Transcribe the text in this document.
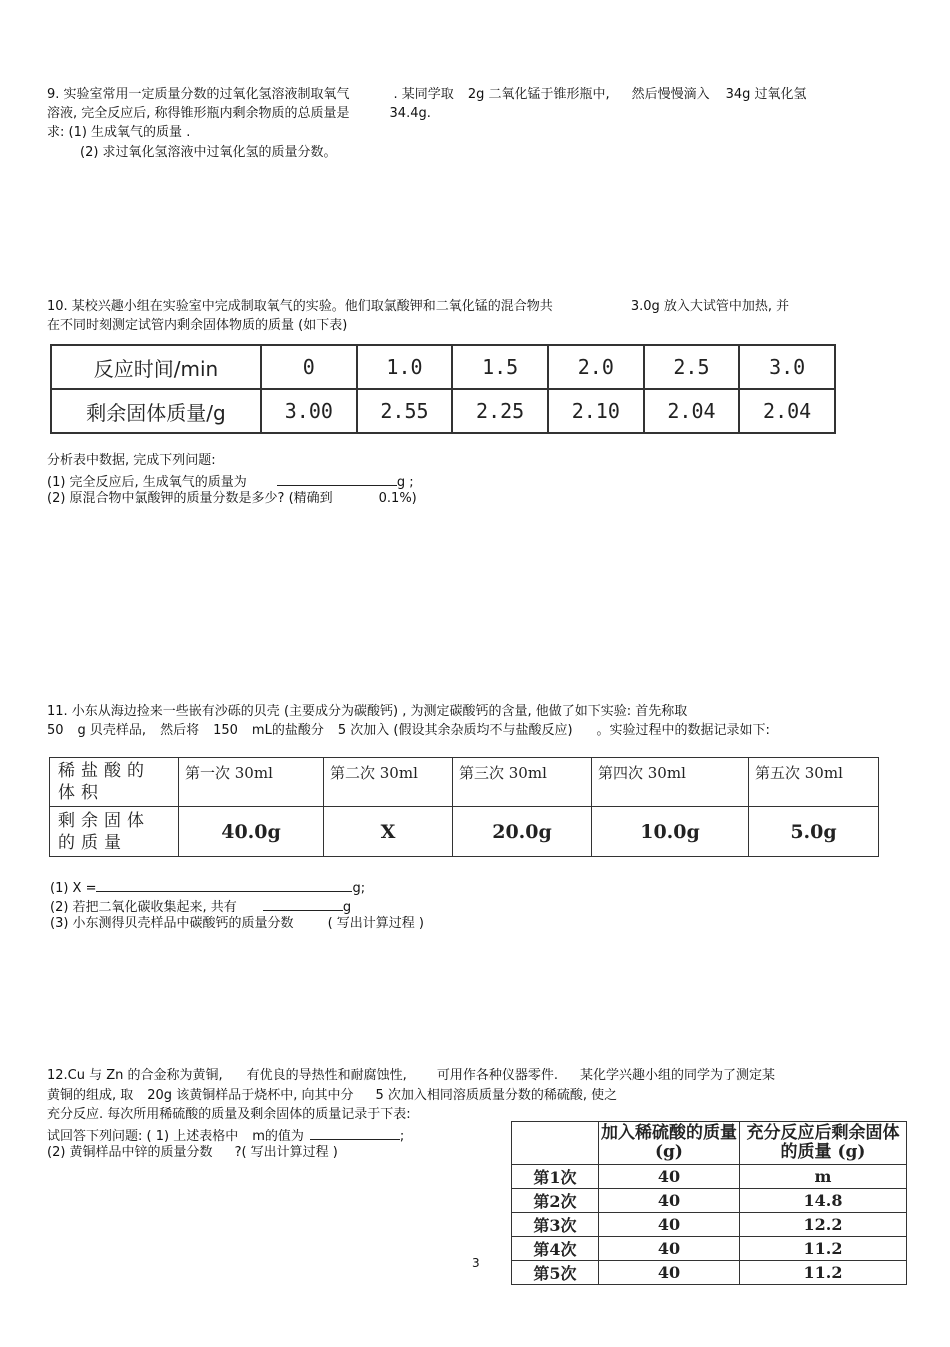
9. 实验室常用一定质量分数的过氧化氢溶液制取氧气	. 某同学取 2g 二氧化锰于锥形瓶中, 然后慢慢滴入 34g 过氧化氢
溶液, 完全反应后, 称得锥形瓶内剩余物质的总质量是	34.4g.
求: (1) 生成氧气的质量 .
(2) 求过氧化氢溶液中过氧化氢的质量分数。
10. 某校兴趣小组在实验室中完成制取氧气的实验。他们取氯酸钾和二氧化锰的混合物共	3.0g 放入大试管中加热, 并
在不同时刻测定试管内剩余固体物质的质量 (如下表)
反应时间/min	0	1.0	1.5	2.0	2.5	3.0
剩余固体质量/g	3.00	2.55	2.25	2.10	2.04	2.04
分析表中数据, 完成下列问题:
(1) 完全反应后, 生成氧气的质量为	g ;
(2) 原混合物中氯酸钾的质量分数是多少? (精确到	0.1%)
11. 小东从海边捡来一些嵌有沙砾的贝壳 (主要成分为碳酸钙) , 为测定碳酸钙的含量, 他做了如下实验: 首先称取
50 g 贝壳样品, 然后将 150 mL的盐酸分 5 次加入 (假设其余杂质均不与盐酸反应) 。实验过程中的数据记录如下:
稀盐酸的体积	第一次 30ml	第二次 30ml	第三次 30ml	第四次 30ml	第五次 30ml
剩余固体的质量	40.0g	X	20.0g	10.0g	5.0g
(1) X =	g;
(2) 若把二氧化碳收集起来, 共有	g
(3) 小东测得贝壳样品中碳酸钙的质量分数	( 写出计算过程 )
12.Cu 与 Zn 的合金称为黄铜, 有优良的导热性和耐腐蚀性, 可用作各种仪器零件. 某化学兴趣小组的同学为了测定某
黄铜的组成, 取 20g 该黄铜样品于烧杯中, 向其中分 5 次加入相同溶质质量分数的稀硫酸, 使之
充分反应. 每次所用稀硫酸的质量及剩余固体的质量记录于下表:
试回答下列问题: ( 1) 上述表格中 m的值为	;
(2) 黄铜样品中锌的质量分数 ?( 写出计算过程 )
	加入稀硫酸的质量 (g)	充分反应后剩余固体的质量 (g)
第1次	40	m
第2次	40	14.8
第3次	40	12.2
第4次	40	11.2
第5次	40	11.2
3
